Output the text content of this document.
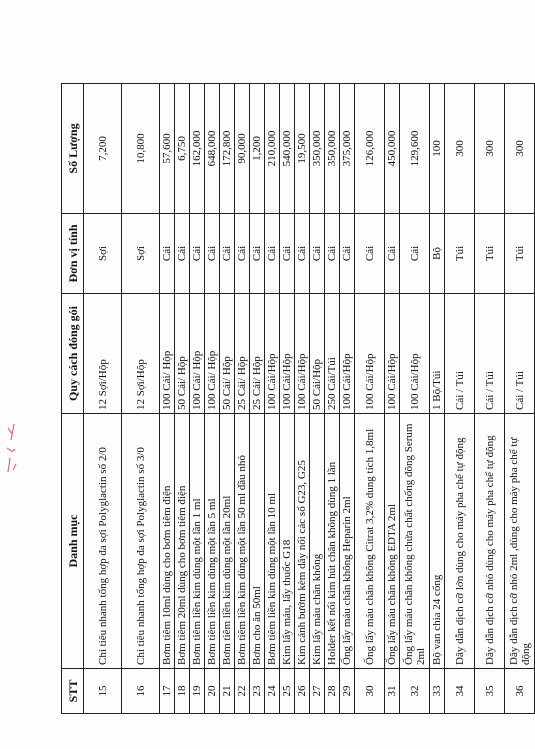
STT	Danh mục	Quy cách đóng gói	Đơn vị tính	Số Lượng
15	Chỉ tiêu nhanh tổng hợp đa sợi Polyglactin số 2/0	12 Sợi/Hộp	Sợi	7,200
16	Chỉ tiêu nhanh tổng hợp đa sợi Polyglactin số 3/0	12 Sợi/Hộp	Sợi	10,800
17	Bơm tiêm 10ml dùng cho bơm tiêm điện	100 Cái/ Hộp	Cái	57,600
18	Bơm tiêm 20ml dùng cho bơm tiêm điện	50 Cái/ Hộp	Cái	6,750
19	Bơm tiêm liền kim dùng một lần 1 ml	100 Cái/ Hộp	Cái	162,000
20	Bơm tiêm liền kim dùng một lần 5 ml	100 Cái/ Hộp	Cái	648,000
21	Bơm tiêm liền kim dùng một lần 20ml	50 Cái/ Hộp	Cái	172,800
22	Bơm tiêm liền kim dùng một lần 50 ml đầu nhỏ	25 Cái/ Hộp	Cái	90,000
23	Bơm cho ăn 50ml	25 Cái/ Hộp	Cái	1,200
24	Bơm tiêm liền kim dùng một lần 10 ml	100 Cái/Hộp	Cái	210,000
25	Kim lấy máu, lấy thuốc G18	100 Cái/Hộp	Cái	540,000
26	Kim cánh bướm kèm dây nối các số G23, G25	100 Cái/Hộp	Cái	19,500
27	Kim lấy máu chân không	50 Cái/Hộp	Cái	350,000
28	Holder kết nối kim hút chân không dùng 1 lần	250 Cái/Túi	Cái	350,000
29	Ống lấy máu chân không Heparin 2ml	100 Cái/Hộp	Cái	375,000
30	Ống lấy máu chân không Citrat 3,2% dung tích 1,8ml	100 Cái/Hộp	Cái	126,000
31	Ống lấy máu chân không EDTA 2ml	100 Cái/Hộp	Cái	450,000
32	Ống lấy máu chân không chứa chất chống đông Serum 2ml	100 Cái/Hộp	Cái	129,600
33	Bộ van chia 24 cổng	1 Bộ/Túi	Bộ	100
34	Dây dẫn dịch cỡ lớn dùng cho máy pha chế tự động	Cái / Túi	Túi	300
35	Dây dẫn dịch cỡ nhỏ dùng cho máy pha chế tự động	Cái / Túi	Túi	300
36	Dây dẫn dịch cỡ nhỏ 2ml ,dùng cho máy pha chế tự động	Cái / Túi	Túi	300
